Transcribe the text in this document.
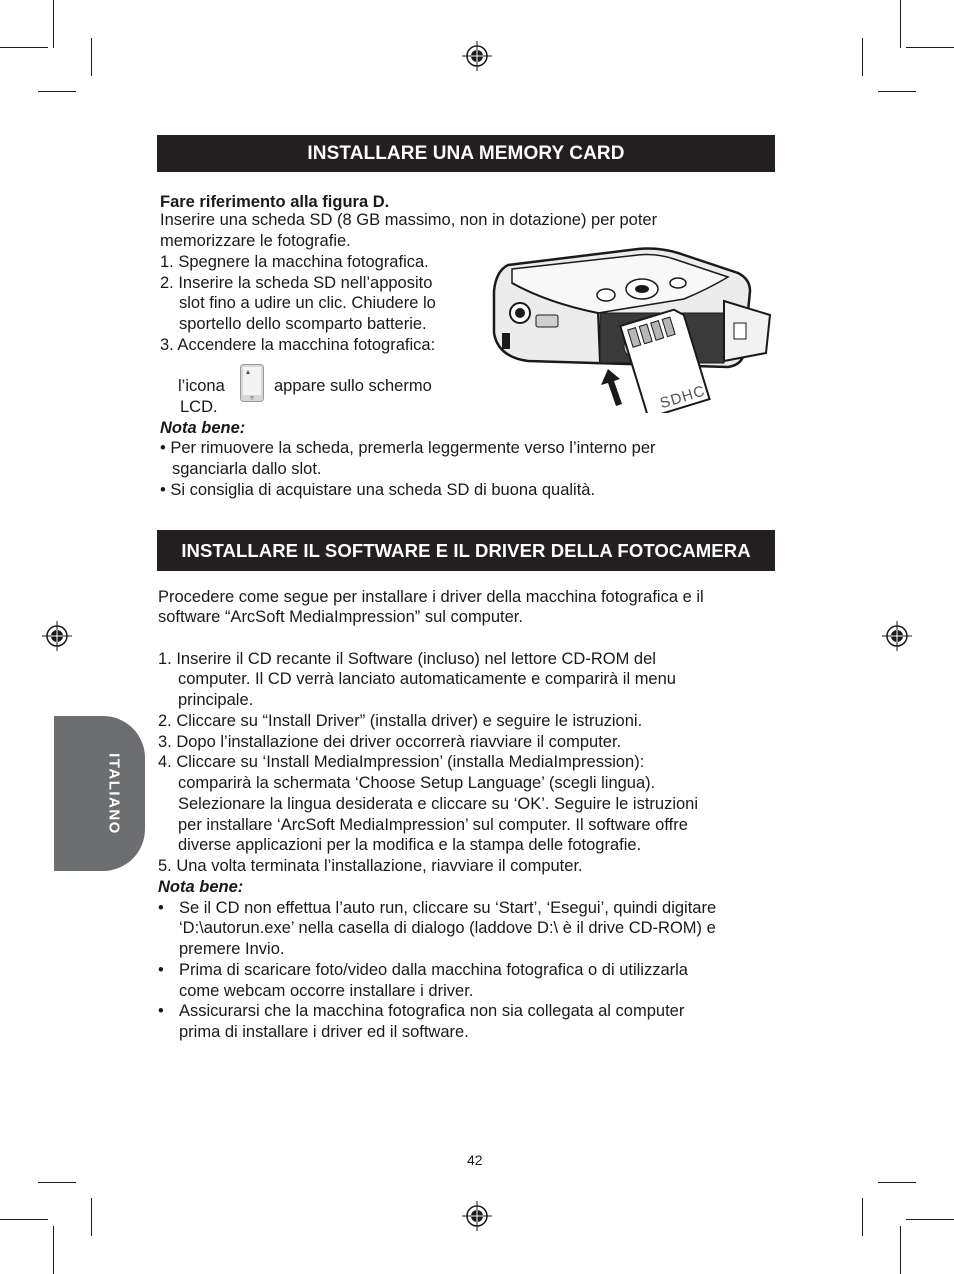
INSTALLARE UNA MEMORY CARD
Fare riferimento alla figura D.
Inserire una scheda SD (8 GB massimo, non in dotazione) per poter
memorizzare le fotografie.
1. Spegnere la macchina fotografica.
2. Inserire la scheda SD nell’apposito
slot fino a udire un clic. Chiudere lo
sportello dello scomparto batterie.
3. Accendere la macchina fotografica:
l’icona	appare sullo schermo
LCD.
Nota bene:
• Per rimuovere la scheda, premerla leggermente verso l’interno per
sganciarla dallo slot.
• Si consiglia di acquistare una scheda SD di buona qualità.
SDHC
INSTALLARE IL SOFTWARE E IL DRIVER DELLA FOTOCAMERA
Procedere come segue per installare i driver della macchina fotografica e il
software “ArcSoft MediaImpression” sul computer.
1. Inserire il CD recante il Software (incluso) nel lettore CD-ROM del
computer. Il CD verrà lanciato automaticamente e comparirà il menu
principale.
2. Cliccare su “Install Driver” (installa driver) e seguire le istruzioni.
3. Dopo l’installazione dei driver occorrerà riavviare il computer.
4. Cliccare su ‘Install MediaImpression’ (installa MediaImpression):
comparirà la schermata ‘Choose Setup Language’ (scegli lingua).
Selezionare la lingua desiderata e cliccare su ‘OK’. Seguire le istruzioni
per installare ‘ArcSoft MediaImpression’ sul computer. Il software offre
diverse applicazioni per la modifica e la stampa delle fotografie.
5. Una volta terminata l’installazione, riavviare il computer.
Nota bene:
• Se il CD non effettua l’auto run, cliccare su ‘Start’, ‘Esegui’, quindi digitare
‘D:\autorun.exe’ nella casella di dialogo (laddove D:\ è il drive CD-ROM) e
premere Invio.
• Prima di scaricare foto/video dalla macchina fotografica o di utilizzarla
come webcam occorre installare i driver.
• Assicurarsi che la macchina fotografica non sia collegata al computer
prima di installare i driver ed il software.
ITALIANO
42
